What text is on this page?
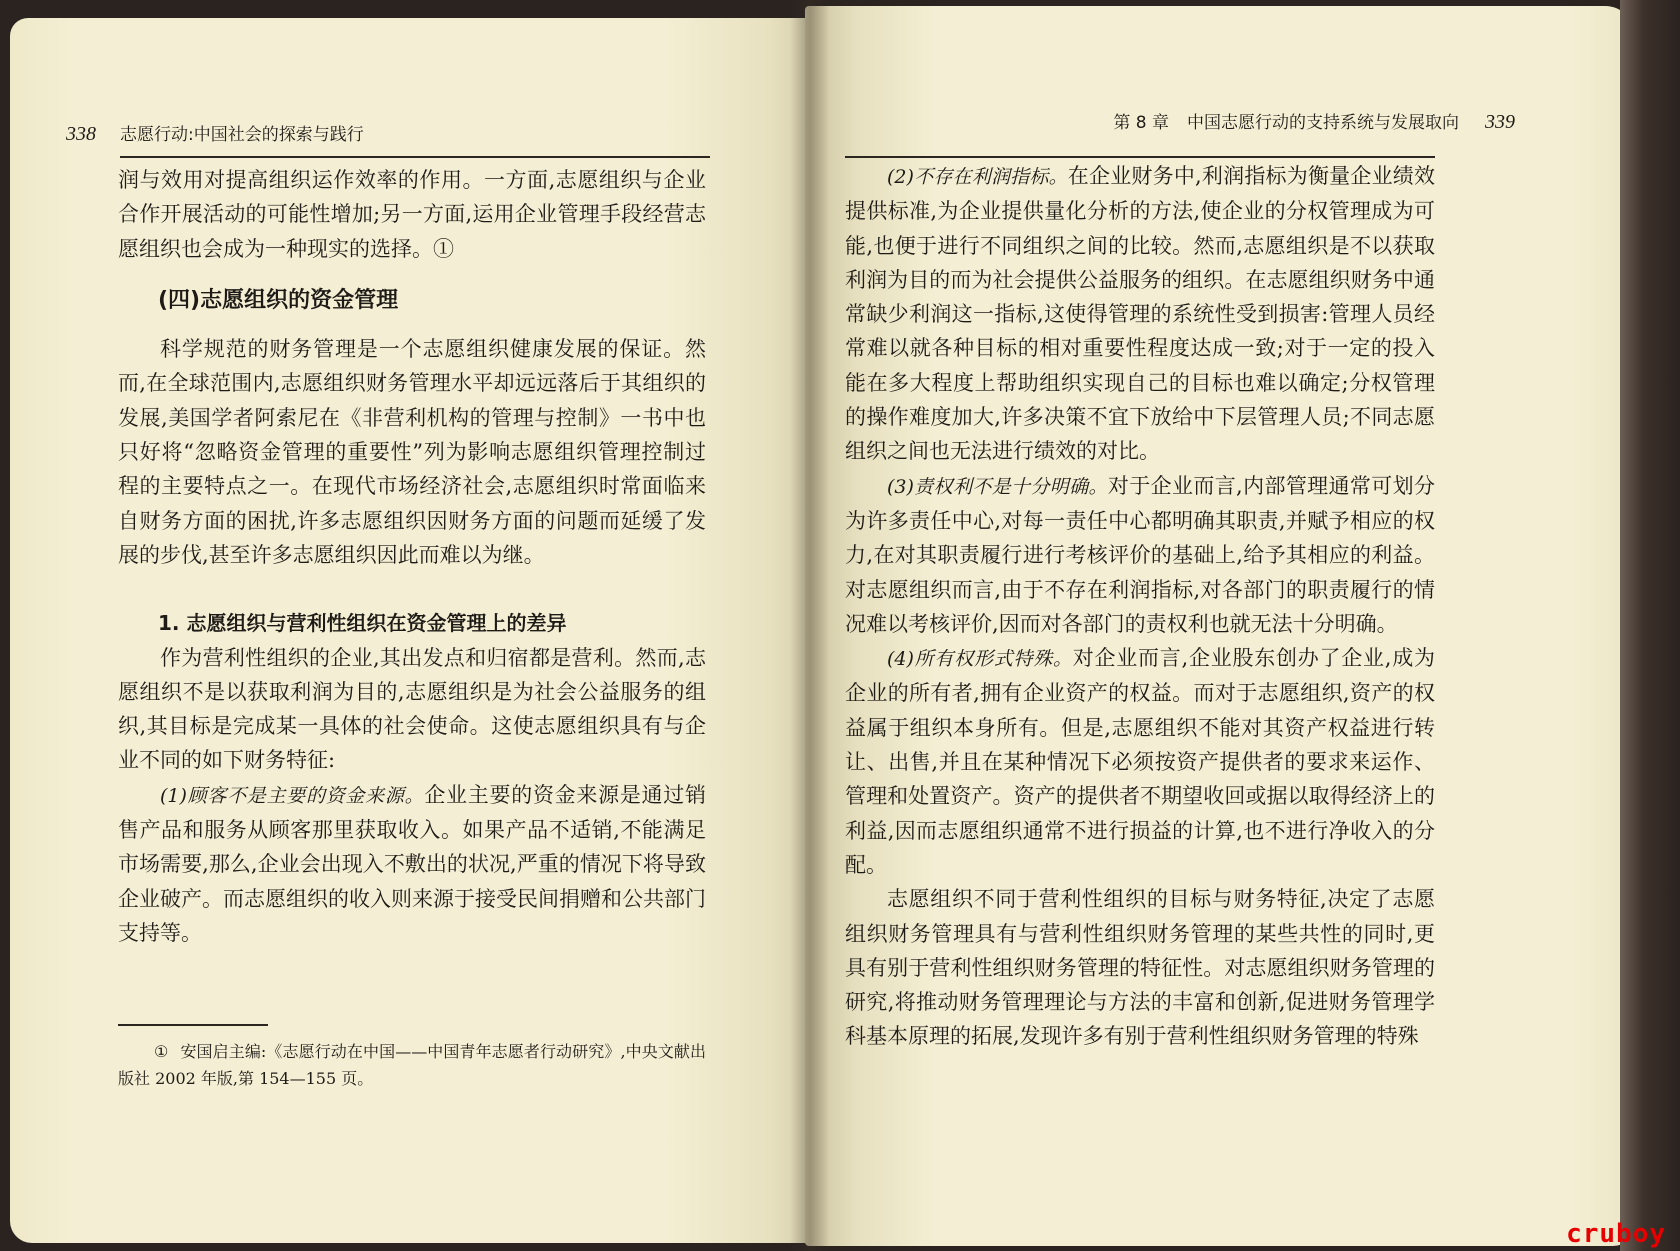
338 志愿行动:中国社会的探索与践行

润与效用对提高组织运作效率的作用。一方面,志愿组织与企业合作开展活动的可能性增加;另一方面,运用企业管理手段经营志愿组织也会成为一种现实的选择。①

(四)志愿组织的资金管理

科学规范的财务管理是一个志愿组织健康发展的保证。然而,在全球范围内,志愿组织财务管理水平却远远落后于其组织的发展,美国学者阿索尼在《非营利机构的管理与控制》一书中也只好将“忽略资金管理的重要性”列为影响志愿组织管理控制过程的主要特点之一。在现代市场经济社会,志愿组织时常面临来自财务方面的困扰,许多志愿组织因财务方面的问题而延缓了发展的步伐,甚至许多志愿组织因此而难以为继。

1. 志愿组织与营利性组织在资金管理上的差异

作为营利性组织的企业,其出发点和归宿都是营利。然而,志愿组织不是以获取利润为目的,志愿组织是为社会公益服务的组织,其目标是完成某一具体的社会使命。这使志愿组织具有与企业不同的如下财务特征:

(1)顾客不是主要的资金来源。企业主要的资金来源是通过销售产品和服务从顾客那里获取收入。如果产品不适销,不能满足市场需要,那么,企业会出现入不敷出的状况,严重的情况下将导致企业破产。而志愿组织的收入则来源于接受民间捐赠和公共部门支持等。

① 安国启主编:《志愿行动在中国——中国青年志愿者行动研究》,中央文献出版社 2002 年版,第 154—155 页。
第 8 章 中国志愿行动的支持系统与发展取向 339

(2)不存在利润指标。在企业财务中,利润指标为衡量企业绩效提供标准,为企业提供量化分析的方法,使企业的分权管理成为可能,也便于进行不同组织之间的比较。然而,志愿组织是不以获取利润为目的而为社会提供公益服务的组织。在志愿组织财务中通常缺少利润这一指标,这使得管理的系统性受到损害:管理人员经常难以就各种目标的相对重要性程度达成一致;对于一定的投入能在多大程度上帮助组织实现自己的目标也难以确定;分权管理的操作难度加大,许多决策不宜下放给中下层管理人员;不同志愿组织之间也无法进行绩效的对比。

(3)责权利不是十分明确。对于企业而言,内部管理通常可划分为许多责任中心,对每一责任中心都明确其职责,并赋予相应的权力,在对其职责履行进行考核评价的基础上,给予其相应的利益。对志愿组织而言,由于不存在利润指标,对各部门的职责履行的情况难以考核评价,因而对各部门的责权利也就无法十分明确。

(4)所有权形式特殊。对企业而言,企业股东创办了企业,成为企业的所有者,拥有企业资产的权益。而对于志愿组织,资产的权益属于组织本身所有。但是,志愿组织不能对其资产权益进行转让、出售,并且在某种情况下必须按资产提供者的要求来运作、管理和处置资产。资产的提供者不期望收回或据以取得经济上的利益,因而志愿组织通常不进行损益的计算,也不进行净收入的分配。

志愿组织不同于营利性组织的目标与财务特征,决定了志愿组织财务管理具有与营利性组织财务管理的某些共性的同时,更具有别于营利性组织财务管理的特征性。对志愿组织财务管理的研究,将推动财务管理理论与方法的丰富和创新,促进财务管理学科基本原理的拓展,发现许多有别于营利性组织财务管理的特殊

cruboy
